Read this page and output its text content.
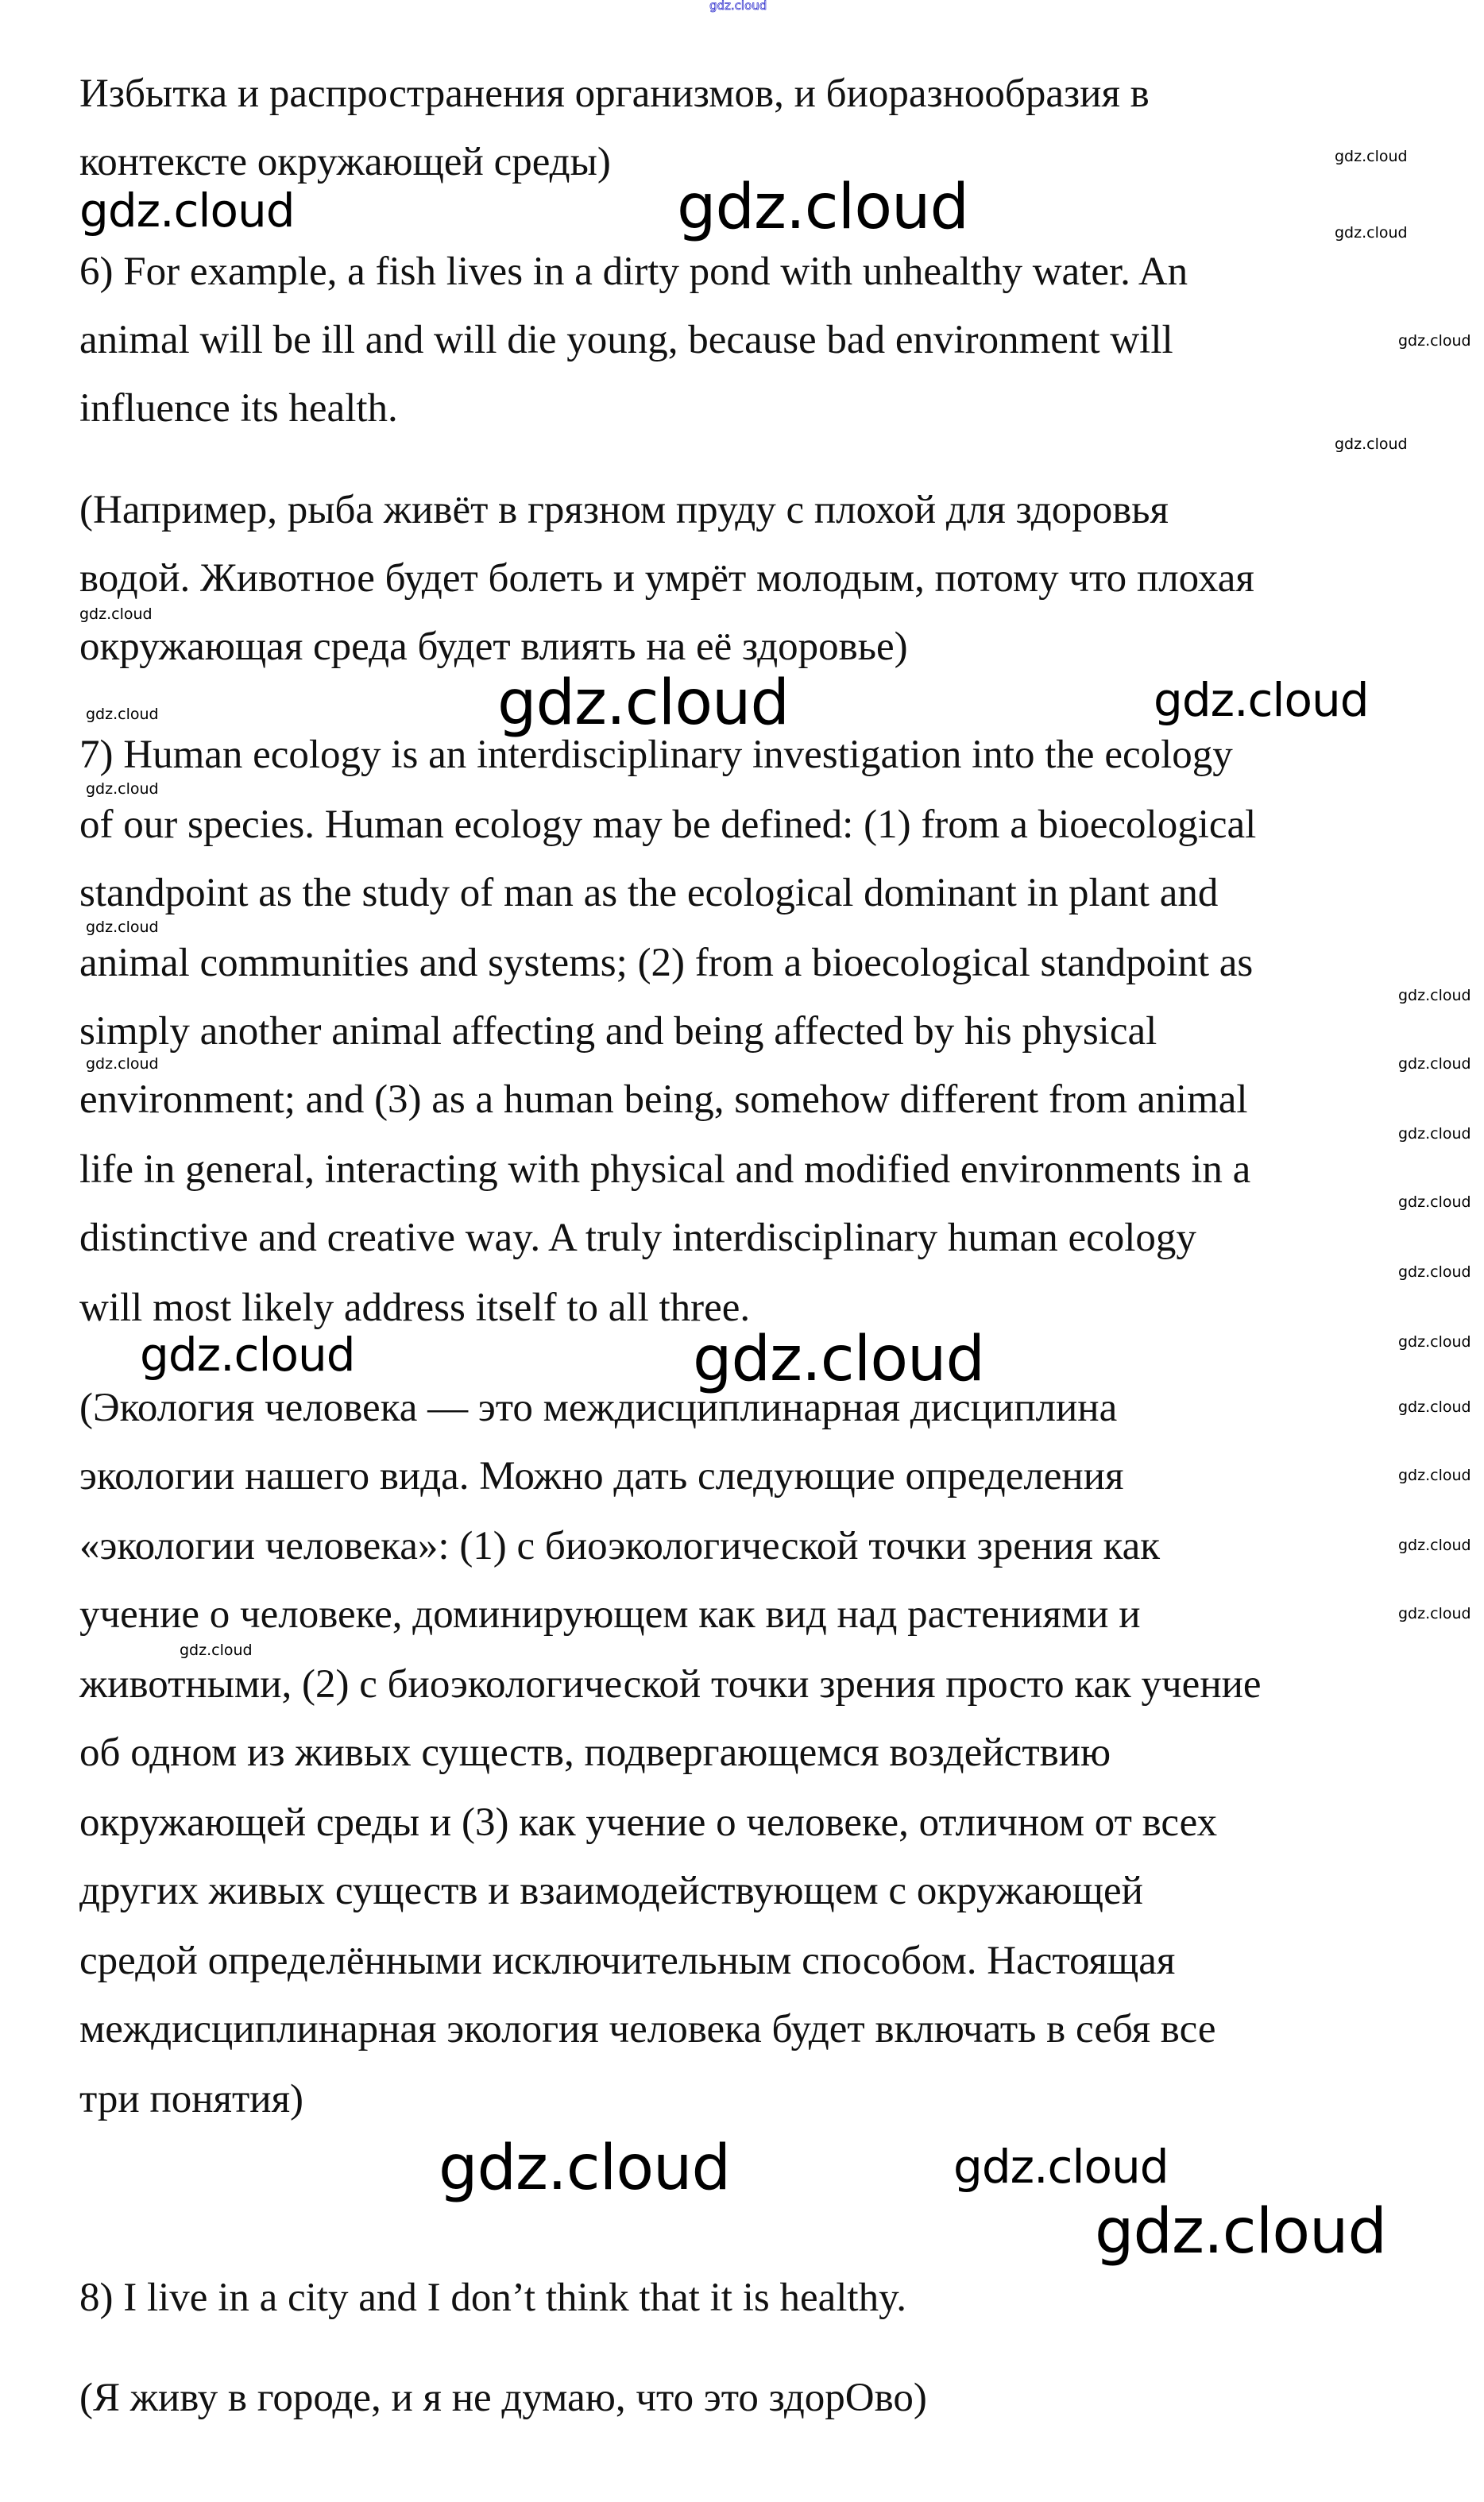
gdz.cloud
Избытка и распространения организмов, и биоразнообразия в
контексте окружающей среды)
6) For example, a fish lives in a dirty pond with unhealthy water. An
animal will be ill and will die young, because bad environment will
influence its health.
(Например, рыба живёт в грязном пруду с плохой для здоровья
водой. Животное будет болеть и умрёт молодым, потому что плохая
окружающая среда будет влиять на её здоровье)
7) Human ecology is an interdisciplinary investigation into the ecology
of our species. Human ecology may be defined: (1) from a bioecological
standpoint as the study of man as the ecological dominant in plant and
animal communities and systems; (2) from a bioecological standpoint as
simply another animal affecting and being affected by his physical
environment; and (3) as a human being, somehow different from animal
life in general, interacting with physical and modified environments in a
distinctive and creative way. A truly interdisciplinary human ecology
will most likely address itself to all three.
(Экология человека — это междисциплинарная дисциплина
экологии нашего вида. Можно дать следующие определения
«экологии человека»: (1) с биоэкологической точки зрения как
учение о человеке, доминирующем как вид над растениями и
животными, (2) с биоэкологической точки зрения просто как учение
об одном из живых существ, подвергающемся воздействию
окружающей среды и (3) как учение о человеке, отличном от всех
других живых существ и взаимодействующем с окружающей
средой определёнными исключительным способом. Настоящая
междисциплинарная экология человека будет включать в себя все
три понятия)
8) I live in a city and I don’t think that it is healthy.
(Я живу в городе, и я не думаю, что это здорОво)
gdz.cloud	gdz.cloud
gdz.cloud	gdz.cloud
gdz.cloud	gdz.cloud
gdz.cloud
gdz.cloud
gdz.cloud
gdz.cloud
gdz.cloud
gdz.cloud
gdz.cloud
gdz.cloud
gdz.cloud
gdz.cloud
gdz.cloud
gdz.cloud
gdz.cloud
gdz.cloud
gdz.cloud
gdz.cloud
gdz.cloud
gdz.cloud
gdz.cloud
gdz.cloud
gdz.cloud
gdz.cloud
gdz.cloud
